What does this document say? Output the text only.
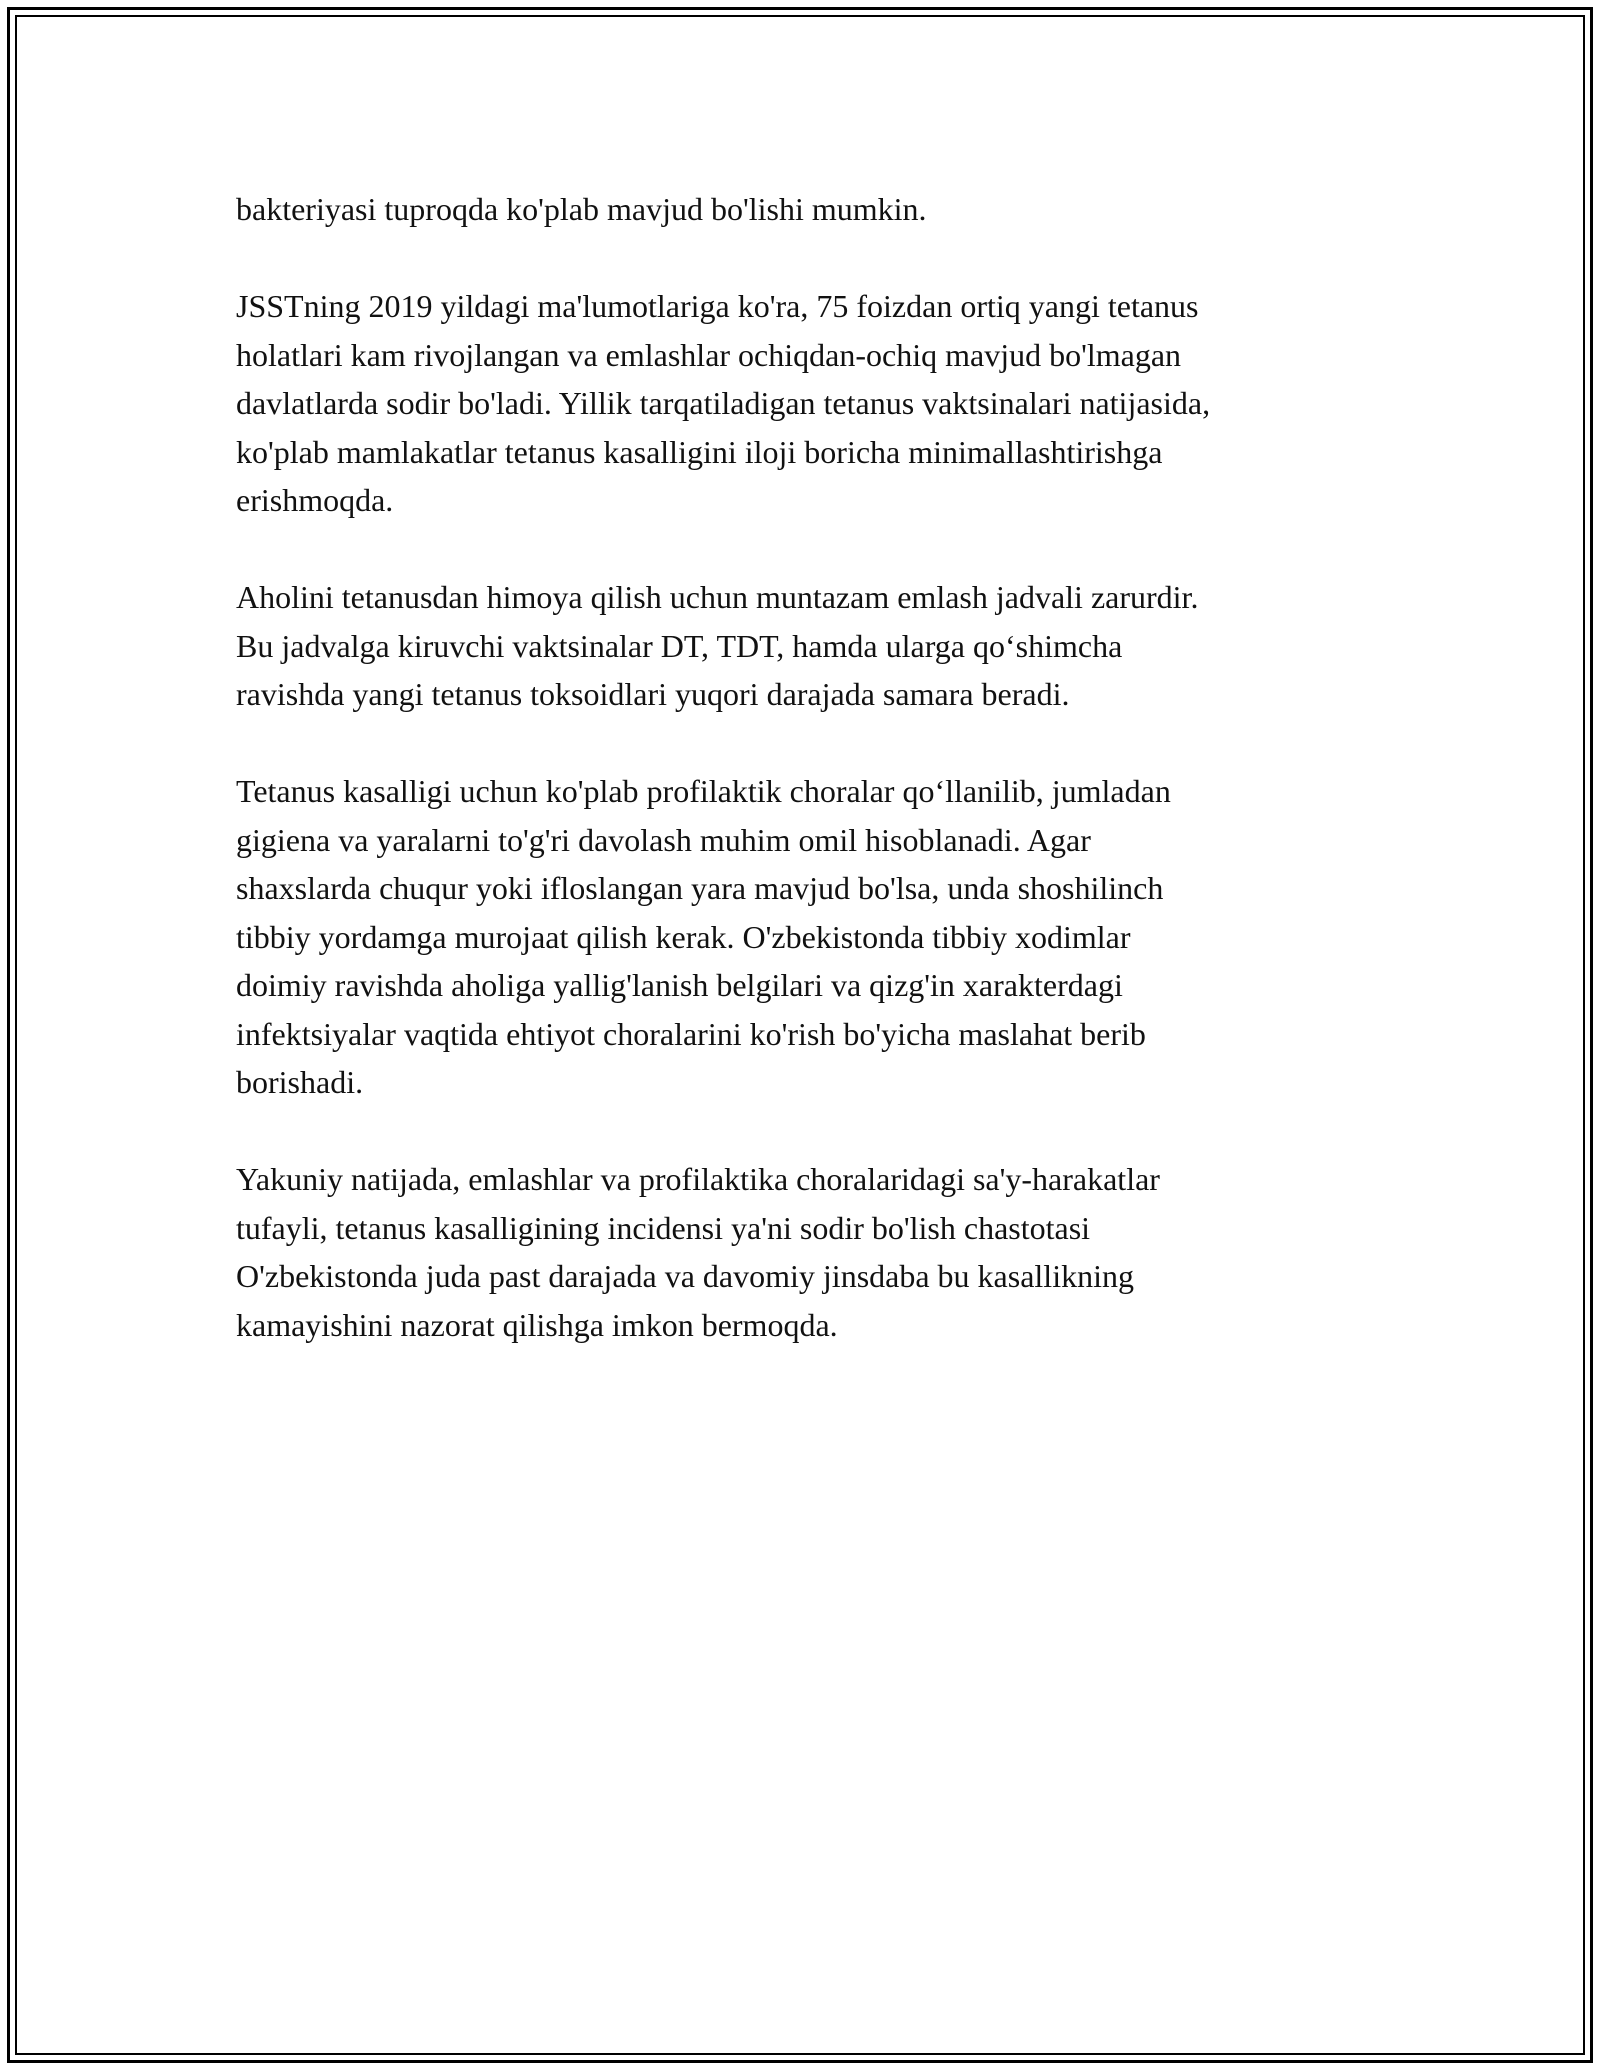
bakteriyasi tuproqda ko'plab mavjud bo'lishi mumkin.

JSSTning 2019 yildagi ma'lumotlariga ko'ra, 75 foizdan ortiq yangi tetanus
holatlari kam rivojlangan va emlashlar ochiqdan-ochiq mavjud bo'lmagan
davlatlarda sodir bo'ladi. Yillik tarqatiladigan tetanus vaktsinalari natijasida,
ko'plab mamlakatlar tetanus kasalligini iloji boricha minimallashtirishga
erishmoqda.

Aholini tetanusdan himoya qilish uchun muntazam emlash jadvali zarurdir.
Bu jadvalga kiruvchi vaktsinalar DT, TDT, hamda ularga qo‘shimcha
ravishda yangi tetanus toksoidlari yuqori darajada samara beradi.

Tetanus kasalligi uchun ko'plab profilaktik choralar qo‘llanilib, jumladan
gigiena va yaralarni to'g'ri davolash muhim omil hisoblanadi. Agar
shaxslarda chuqur yoki ifloslangan yara mavjud bo'lsa, unda shoshilinch
tibbiy yordamga murojaat qilish kerak. O'zbekistonda tibbiy xodimlar
doimiy ravishda aholiga yallig'lanish belgilari va qizg'in xarakterdagi
infektsiyalar vaqtida ehtiyot choralarini ko'rish bo'yicha maslahat berib
borishadi.

Yakuniy natijada, emlashlar va profilaktika choralaridagi sa'y-harakatlar
tufayli, tetanus kasalligining incidensi ya'ni sodir bo'lish chastotasi
O'zbekistonda juda past darajada va davomiy jinsdaba bu kasallikning
kamayishini nazorat qilishga imkon bermoqda.
